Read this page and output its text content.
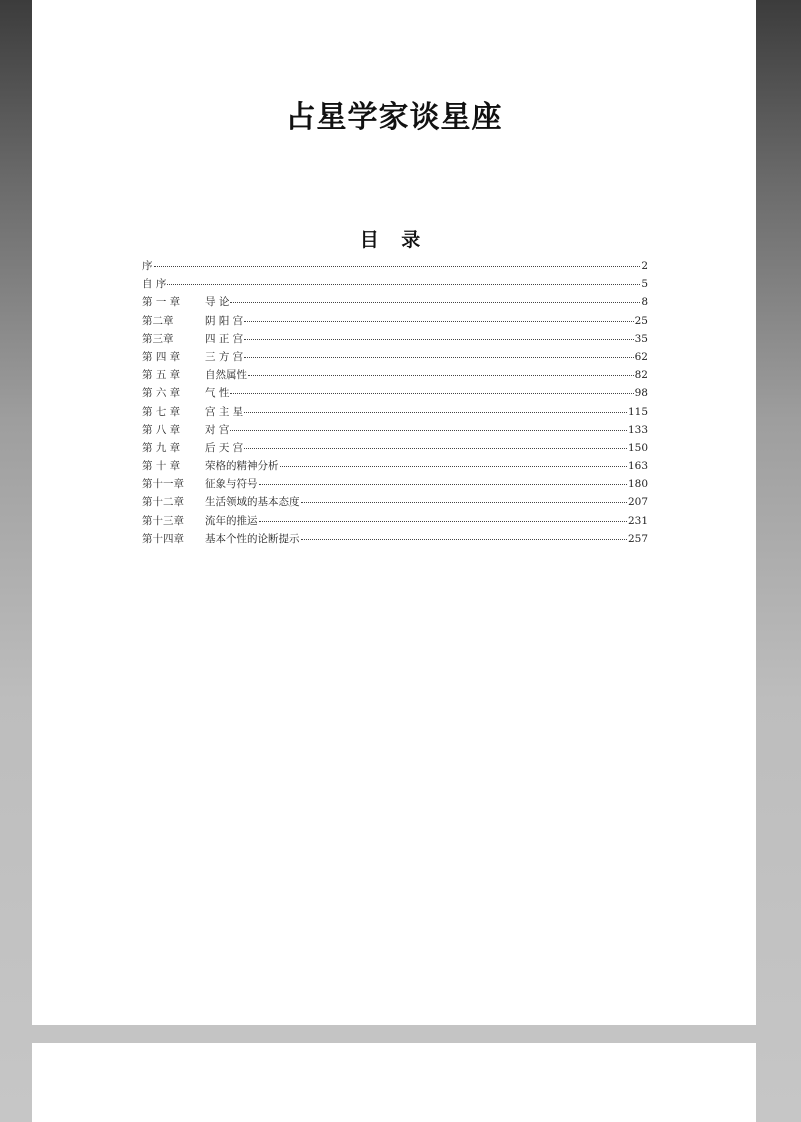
占星学家谈星座
目 录
序	2
自 序	5
第 一 章	导 论	8
第二章	阴 阳 宫	25
第三章	四 正 宫	35
第 四 章	三 方 宫	62
第 五 章	自然属性	82
第 六 章	气 性	98
第 七 章	宫 主 星	115
第 八 章	对 宫	133
第 九 章	后 天 宫	150
第 十 章	荣格的精神分析	163
第十一章	征象与符号	180
第十二章	生活领域的基本态度	207
第十三章	流年的推运	231
第十四章	基本个性的论断提示	257
